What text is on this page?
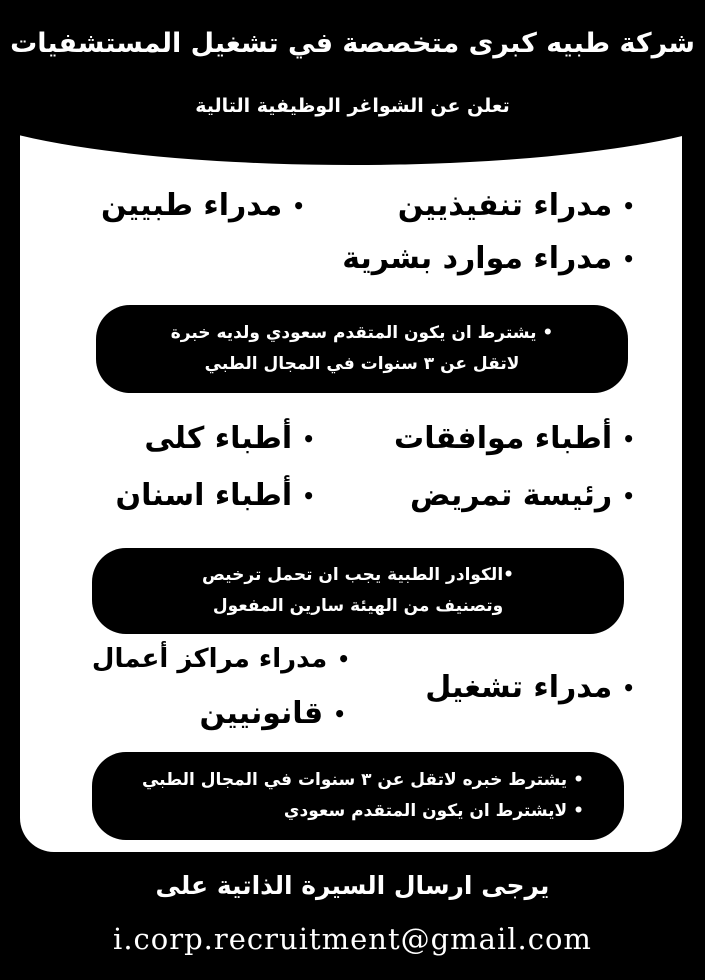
شركة طبيه كبرى متخصصة في تشغيل المستشفيات
تعلن عن الشواغر الوظيفية التالية
•
مدراء تنفيذيين
•
مدراء طبيين
•
مدراء موارد بشرية
• يشترط ان يكون المتقدم سعودي ولديه خبرة
لاتقل عن ٣ سنوات في المجال الطبي
•
أطباء موافقات
•
أطباء كلى
•
رئيسة تمريض
•
أطباء اسنان
•الكوادر الطبية يجب ان تحمل ترخيص
وتصنيف من الهيئة سارين المفعول
•
مدراء تشغيل
•
مدراء مراكز أعمال
•
قانونيين
• يشترط خبره لاتقل عن ٣ سنوات في المجال الطبي
• لايشترط ان يكون المتقدم سعودي
يرجى ارسال السيرة الذاتية على
i.corp.recruitment@gmail.com
